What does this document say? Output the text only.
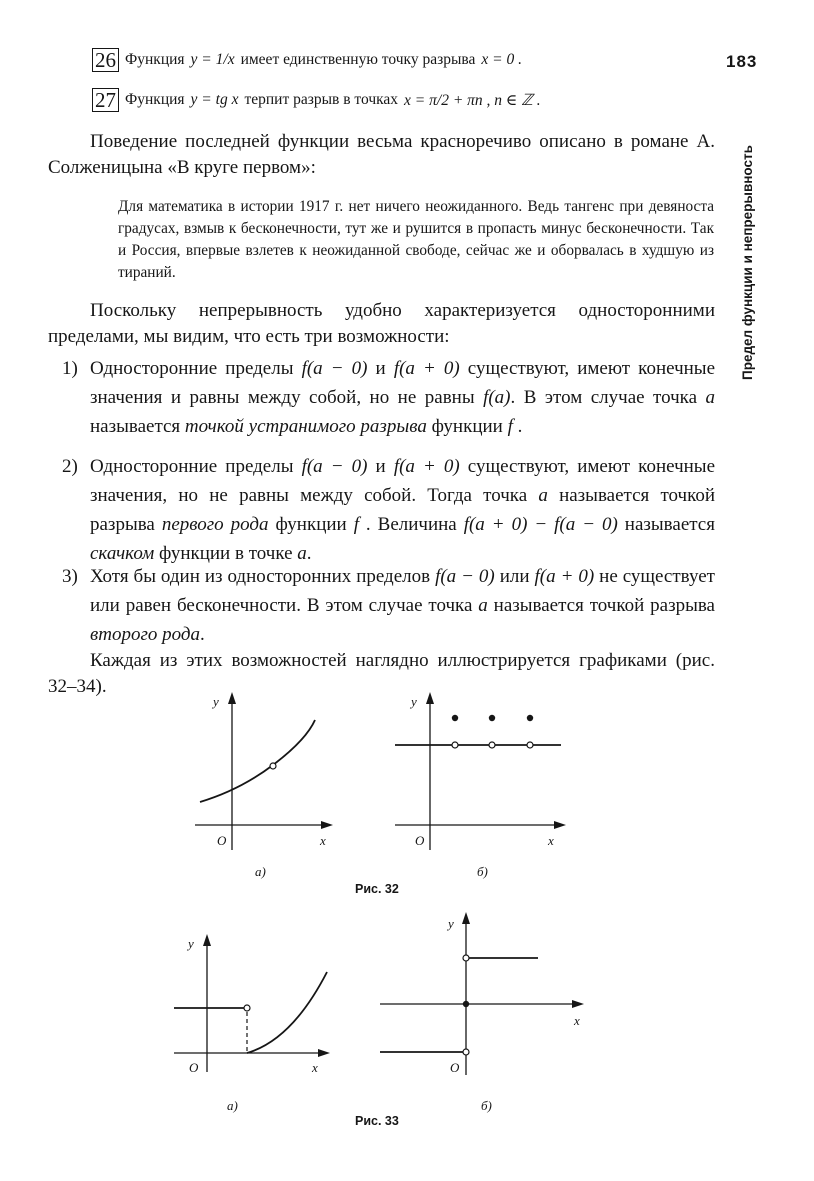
26 Функция y = 1/x имеет единственную точку разрыва x = 0 .
27 Функция y = tg x терпит разрыв в точках x = π/2 + πn , n ∈ ℤ .
183
Предел функции и непрерывность

Поведение последней функции весьма красноречиво описано в романе А. Солженицына «В круге первом»:

Для математика в истории 1917 г. нет ничего неожиданного. Ведь тангенс при девяноста градусах, взмыв к бесконечности, тут же и рушится в пропасть минус бесконечности. Так и Россия, впервые взлетев к неожиданной свободе, сейчас же и оборвалась в худшую из тираний.

Поскольку непрерывность удобно характеризуется односторонними пределами, мы видим, что есть три возможности:

1) Односторонние пределы f(a − 0) и f(a + 0) существуют, имеют конечные значения и равны между собой, но не равны f(a). В этом случае точка a называется точкой устранимого разрыва функции f .
2) Односторонние пределы f(a − 0) и f(a + 0) существуют, имеют конечные значения, но не равны между собой. Тогда точка a называется точкой разрыва первого рода функции f . Величина f(a + 0) − f(a − 0) называется скачком функции в точке a.
3) Хотя бы один из односторонних пределов f(a − 0) или f(a + 0) не существует или равен бесконечности. В этом случае точка a называется точкой разрыва второго рода.

Каждая из этих возможностей наглядно иллюстрируется графиками (рис. 32–34).

y
O	x
а)
y
O	x
б)
Рис. 32
y
O	x
а)
y
O
x
б)
Рис. 33
